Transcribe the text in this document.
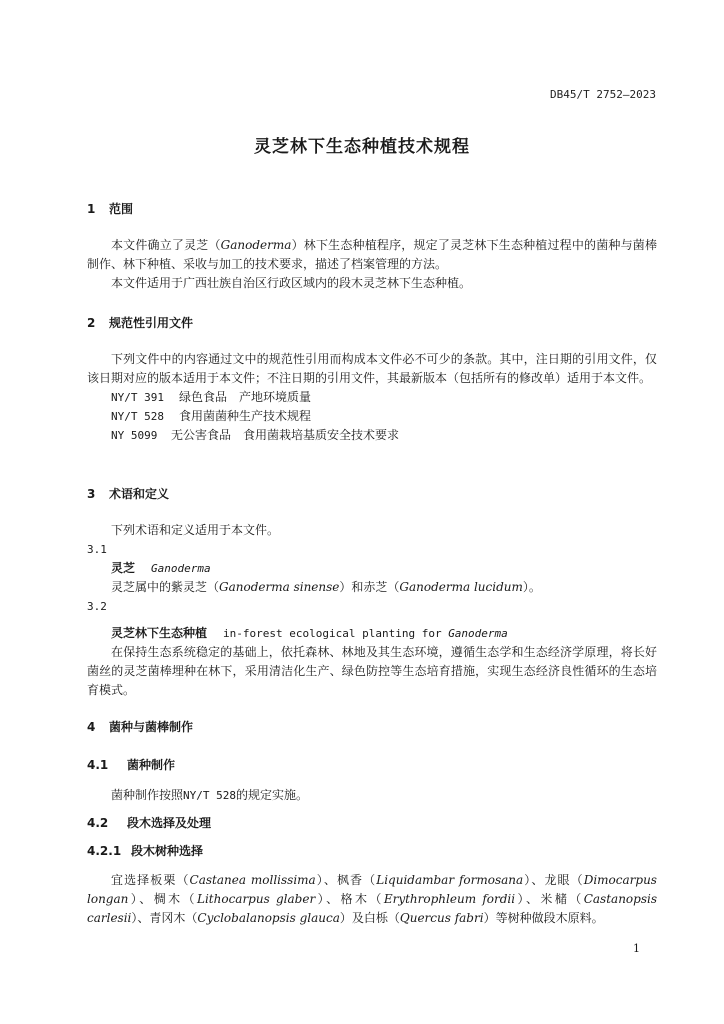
DB45/T 2752—2023
灵芝林下生态种植技术规程
1 范围

本文件确立了灵芝（Ganoderma）林下生态种植程序，规定了灵芝林下生态种植过程中的菌种与菌棒制作、林下种植、采收与加工的技术要求，描述了档案管理的方法。

本文件适用于广西壮族自治区行政区域内的段木灵芝林下生态种植。

2 规范性引用文件

下列文件中的内容通过文中的规范性引用而构成本文件必不可少的条款。其中，注日期的引用文件，仅该日期对应的版本适用于本文件；不注日期的引用文件，其最新版本（包括所有的修改单）适用于本文件。

NY/T 391 绿色食品　产地环境质量
NY/T 528 食用菌菌种生产技术规程
NY 5099 无公害食品　食用菌栽培基质安全技术要求
3 术语和定义

下列术语和定义适用于本文件。

3.1
灵芝 Ganoderma

灵芝属中的紫灵芝（Ganoderma sinense）和赤芝（Ganoderma lucidum）。

3.2
灵芝林下生态种植 in-forest ecological planting for Ganoderma

在保持生态系统稳定的基础上，依托森林、林地及其生态环境，遵循生态学和生态经济学原理，将长好菌丝的灵芝菌棒埋种在林下，采用清洁化生产、绿色防控等生态培育措施，实现生态经济良性循环的生态培育模式。

4 菌种与菌棒制作
4.1 菌种制作

菌种制作按照NY/T 528的规定实施。

4.2 段木选择及处理
4.2.1 段木树种选择

宜选择板栗（Castanea mollissima）、枫香（Liquidambar formosana）、龙眼（Dimocarpus longan）、椆木（Lithocarpus glaber）、格木（Erythrophleum fordii）、米槠（Castanopsis carlesii）、青冈木（Cyclobalanopsis glauca）及白栎（Quercus fabri）等树种做段木原料。

1
